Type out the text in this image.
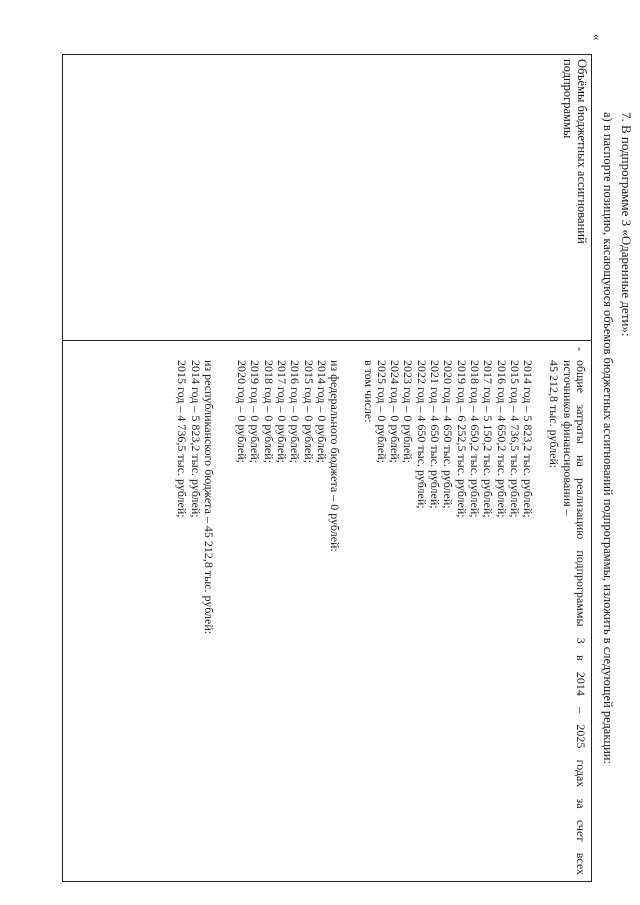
7. В подпрограмме 3 «Одаренные дети»:
а) в паспорте позицию, касающуюся объемов бюджетных ассигнований подпрограммы, изложить в следующей редакции:
«
Объёмы бюджетных ассигнований
подпрограммы
-
общие затраты на реализацию подпрограммы 3 в 2014 – 2025 годах за счет всех
источников финансирования –
45 212,8 тыс. рублей:
2014 год – 5 823,2 тыс. рублей;
2015 год – 4 736,5 тыс. рублей;
2016 год – 4 650,2 тыс. рублей;
2017 год – 5 150,2 тыс. рублей;
2018 год – 4 650,2 тыс. рублей;
2019 год – 6 252,5 тыс. рублей;
2020 год – 4 650 тыс. рублей;
2021 год – 4 650 тыс. рублей;
2022 год – 4 650 тыс. рублей;
2023 год – 0 рублей;
2024 год – 0 рублей;
2025 год – 0 рублей;
в том числе:
из федерального бюджета – 0 рублей:
2014 год – 0 рублей;
2015 год – 0 рублей;
2016 год – 0 рублей;
2017 год – 0 рублей;
2018 год – 0 рублей;
2019 год – 0 рублей;
2020 год – 0 рублей;
из республиканского бюджета – 45 212,8 тыс. рублей:
2014 год – 5 823,2 тыс. рублей;
2015 год – 4 736,5 тыс. рублей;
